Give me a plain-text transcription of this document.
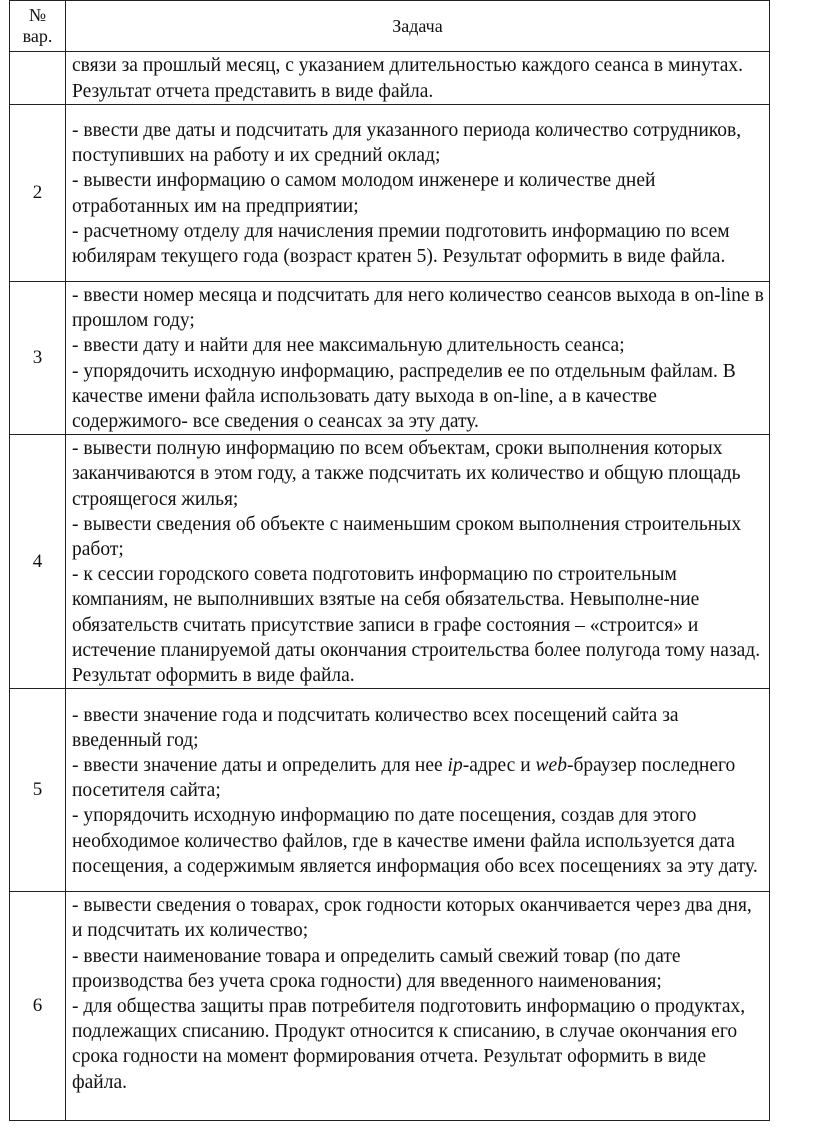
№
вар.	Задача

	связи за прошлый месяц, с указанием длительностью каждого сеанса в минутах. Результат отчета представить в виде файла.

2	- ввести две даты и подсчитать для указанного периода количество сотрудников, поступивших на работу и их средний оклад;

- вывести информацию о самом молодом инженере и количестве дней отработанных им на предприятии;

- расчетному отделу для начисления премии подготовить информацию по всем юбилярам текущего года (возраст кратен 5). Результат оформить в виде файла.

3	- ввести номер месяца и подсчитать для него количество сеансов выхода в on-line в прошлом году;

- ввести дату и найти для нее максимальную длительность сеанса;

- упорядочить исходную информацию, распределив ее по отдельным файлам. В качестве имени файла использовать дату выхода в on-line, а в качестве содержимого- все сведения о сеансах за эту дату.

4	- вывести полную информацию по всем объектам, сроки выполнения которых заканчиваются в этом году, а также подсчитать их количество и общую площадь строящегося жилья;

- вывести сведения об объекте с наименьшим сроком выполнения строительных работ;

- к сессии городского совета подготовить информацию по строительным компаниям, не выполнивших взятые на себя обязательства. Невыполне-ние обязательств считать присутствие записи в графе состояния – «строится» и истечение планируемой даты окончания строительства более полугода тому назад. Результат оформить в виде файла.

5	- ввести значение года и подсчитать количество всех посещений сайта за введенный год;

- ввести значение даты и определить для нее ip-адрес и web-браузер последнего посетителя сайта;

- упорядочить исходную информацию по дате посещения, создав для этого необходимое количество файлов, где в качестве имени файла используется дата посещения, а содержимым является информация обо всех посещениях за эту дату.

6	- вывести сведения о товарах, срок годности которых оканчивается через два дня, и подсчитать их количество;

- ввести наименование товара и определить самый свежий товар (по дате производства без учета срока годности) для введенного наименования;

- для общества защиты прав потребителя подготовить информацию о продуктах, подлежащих списанию. Продукт относится к списанию, в случае окончания его срока годности на момент формирования отчета. Результат оформить в виде файла.
